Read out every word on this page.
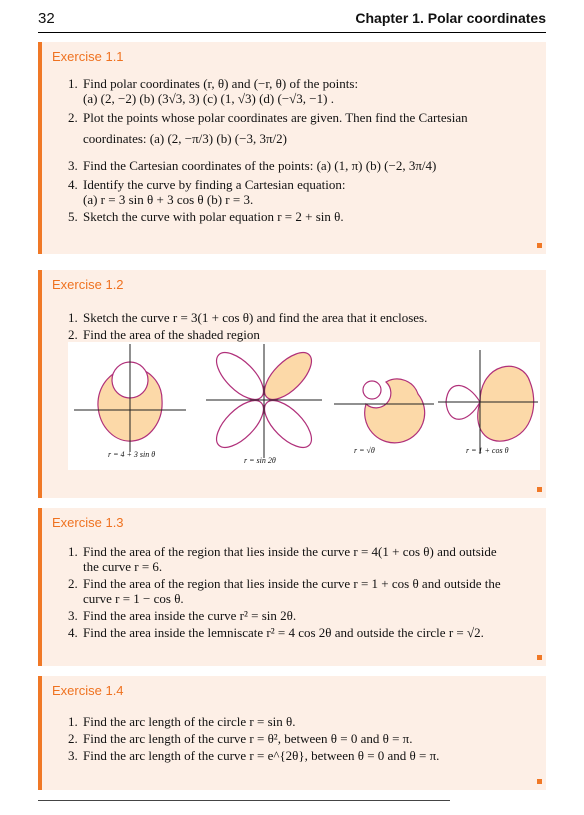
32	Chapter 1. Polar coordinates
Exercise 1.1
1. Find polar coordinates (r, θ) and (−r, θ) of the points:
(a) (2, −2) (b) (3√3, 3) (c) (1, √3) (d) (−√3, −1) .
2. Plot the points whose polar coordinates are given. Then find the Cartesian
coordinates: (a) (2, −π/3) (b) (−3, 3π/2)
3. Find the Cartesian coordinates of the points: (a) (1, π) (b) (−2, 3π/4)
4. Identify the curve by finding a Cartesian equation:
(a) r = 3 sin θ + 3 cos θ (b) r = 3.
5. Sketch the curve with polar equation r = 2 + sin θ.
Exercise 1.2
1. Sketch the curve r = 3(1 + cos θ) and find the area that it encloses.
2. Find the area of the shaded region
r = 4 + 3 sin θ
r = sin 2θ
r = √θ	r = 1 + cos θ
Exercise 1.3
1. Find the area of the region that lies inside the curve r = 4(1 + cos θ) and outside
the curve r = 6.
2. Find the area of the region that lies inside the curve r = 1 + cos θ and outside the
curve r = 1 − cos θ.
3. Find the area inside the curve r² = sin 2θ.
4. Find the area inside the lemniscate r² = 4 cos 2θ and outside the circle r = √2.
Exercise 1.4
1. Find the arc length of the circle r = sin θ.
2. Find the arc length of the curve r = θ², between θ = 0 and θ = π.
3. Find the arc length of the curve r = e^{2θ}, between θ = 0 and θ = π.
